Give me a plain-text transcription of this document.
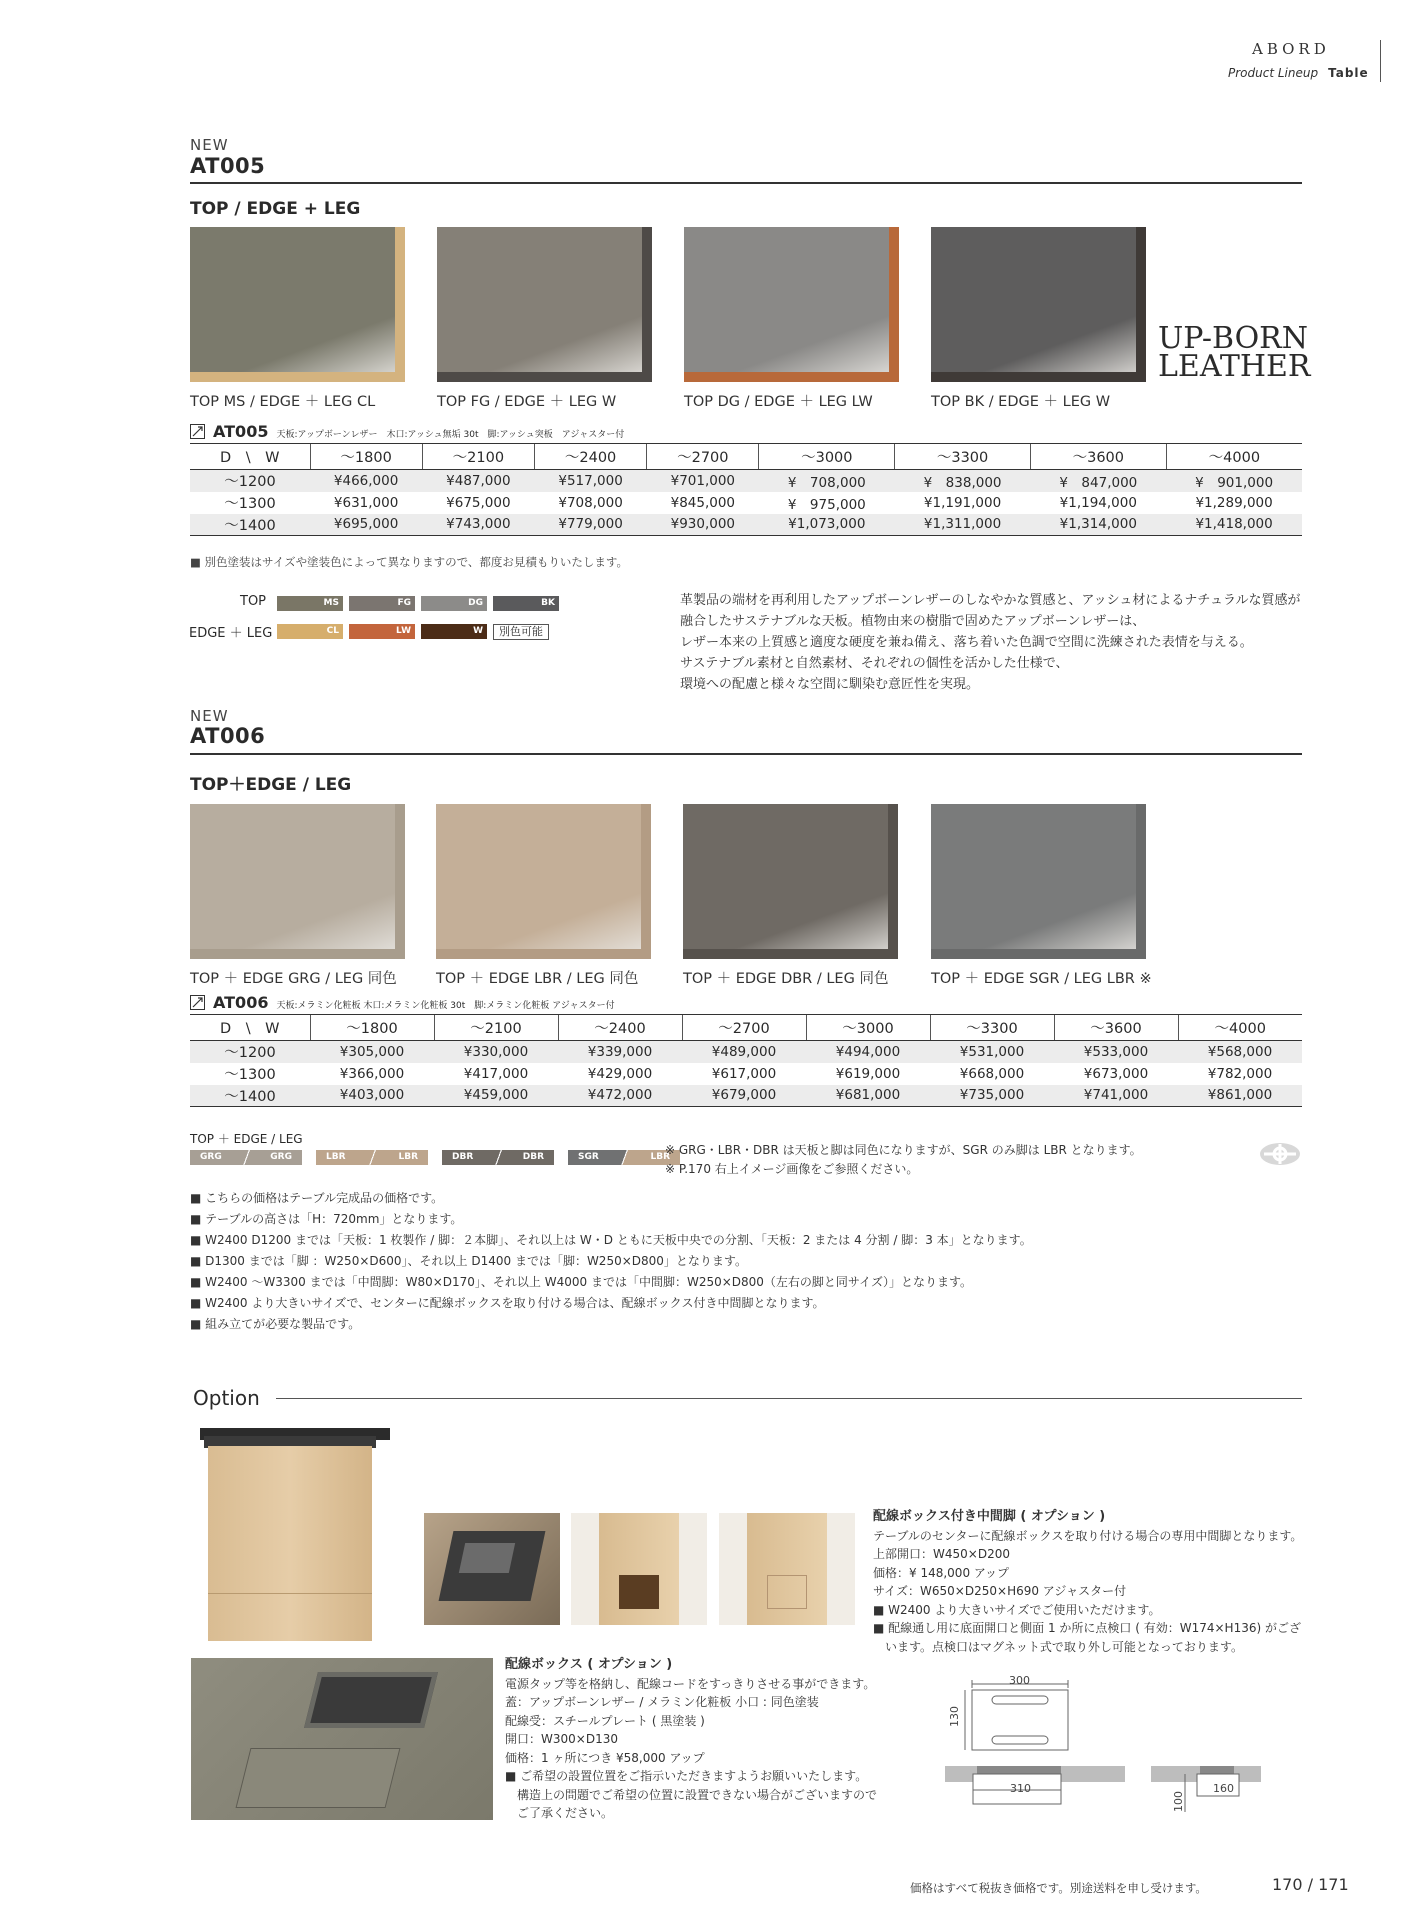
ABORD
Product Lineup Table
NEW
AT005
TOP / EDGE + LEG
TOP MS / EDGE ＋ LEG CL	TOP FG / EDGE ＋ LEG W	TOP DG / EDGE ＋ LEG LW	TOP BK / EDGE ＋ LEG W
UP-BORN
LEATHER
AT005 天板:アップボーンレザー　木口:アッシュ無垢 30t　脚:アッシュ突板　アジャスター付
D　\　W	～1800	～2100	～2400	～2700	～3000	～3300	～3600	～4000
～1200	¥466,000	¥487,000	¥517,000	¥701,000	¥　708,000	¥　838,000	¥　847,000	¥　901,000
～1300	¥631,000	¥675,000	¥708,000	¥845,000	¥　975,000	¥1,191,000	¥1,194,000	¥1,289,000
～1400	¥695,000	¥743,000	¥779,000	¥930,000	¥1,073,000	¥1,311,000	¥1,314,000	¥1,418,000
■ 別色塗装はサイズや塗装色によって異なりますので、都度お見積もりいたします。
TOP
EDGE ＋ LEG
MS	FG	DG	BK
CL	LW	W	別色可能
革製品の端材を再利用したアップボーンレザーのしなやかな質感と、アッシュ材によるナチュラルな質感が
融合したサステナブルな天板。植物由来の樹脂で固めたアップボーンレザーは、
レザー本来の上質感と適度な硬度を兼ね備え、落ち着いた色調で空間に洗練された表情を与える。
サステナブル素材と自然素材、それぞれの個性を活かした仕様で、
環境への配慮と様々な空間に馴染む意匠性を実現。
NEW
AT006
TOP＋EDGE / LEG
TOP ＋ EDGE GRG / LEG 同色	TOP ＋ EDGE LBR / LEG 同色	TOP ＋ EDGE DBR / LEG 同色	TOP ＋ EDGE SGR / LEG LBR ※
AT006 天板:メラミン化粧板 木口:メラミン化粧板 30t　脚:メラミン化粧板 アジャスター付
D　\　W	～1800	～2100	～2400	～2700	～3000	～3300	～3600	～4000
～1200	¥305,000	¥330,000	¥339,000	¥489,000	¥494,000	¥531,000	¥533,000	¥568,000
～1300	¥366,000	¥417,000	¥429,000	¥617,000	¥619,000	¥668,000	¥673,000	¥782,000
～1400	¥403,000	¥459,000	¥472,000	¥679,000	¥681,000	¥735,000	¥741,000	¥861,000
TOP ＋ EDGE / LEG
GRG	GRG	LBR	LBR	DBR	DBR	SGR	LBR
※ GRG・LBR・DBR は天板と脚は同色になりますが、SGR のみ脚は LBR となります。
※ P.170 右上イメージ画像をご参照ください。
■ こちらの価格はテーブル完成品の価格です。
■ テーブルの高さは「H：720mm」となります。
■ W2400 D1200 までは「天板：1 枚製作 / 脚：２本脚」、それ以上は W・D ともに天板中央での分割、「天板：2 または 4 分割 / 脚：3 本」となります。
■ D1300 までは「脚 ：W250×D600」、それ以上 D1400 までは「脚：W250×D800」となります。
■ W2400 ～W3300 までは「中間脚：W80×D170」、それ以上 W4000 までは「中間脚：W250×D800（左右の脚と同サイズ）」となります。
■ W2400 より大きいサイズで、センターに配線ボックスを取り付ける場合は、配線ボックス付き中間脚となります。
■ 組み立てが必要な製品です。
Option
配線ボックス付き中間脚 ( オプション )
テーブルのセンターに配線ボックスを取り付ける場合の専用中間脚となります。
上部開口：W450×D200
価格：¥ 148,000 アップ
サイズ：W650×D250×H690 アジャスター付
■ W2400 より大きいサイズでご使用いただけます。
■ 配線通し用に底面開口と側面 1 か所に点検口 ( 有効：W174×H136) がござ
　います。点検口はマグネット式で取り外し可能となっております。
配線ボックス ( オプション )
電源タップ等を格納し、配線コードをすっきりさせる事ができます。
蓋：アップボーンレザー / メラミン化粧板 小口 : 同色塗装
配線受：スチールプレート ( 黒塗装 )
開口：W300×D130
価格：1 ヶ所につき ¥58,000 アップ
■ ご希望の設置位置をご指示いただきますようお願いいたします。
　構造上の問題でご希望の位置に設置できない場合がございますので
　ご了承ください。
300
130
310
100
160
価格はすべて税抜き価格です。別途送料を申し受けます。	170 / 171
